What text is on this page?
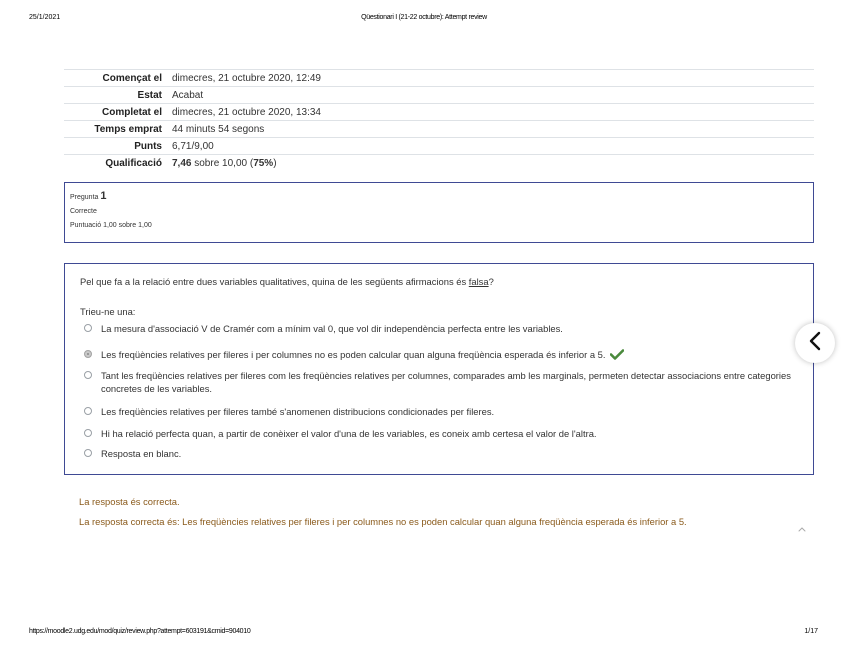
25/1/2021	Qüestionari I (21-22 octubre): Attempt review
Començat el	dimecres, 21 octubre 2020, 12:49
Estat	Acabat
Completat el	dimecres, 21 octubre 2020, 13:34
Temps emprat	44 minuts 54 segons
Punts	6,71/9,00
Qualificació	7,46 sobre 10,00 (75%)
Pregunta 1
Correcte
Puntuació 1,00 sobre 1,00
Pel que fa a la relació entre dues variables qualitatives, quina de les següents afirmacions és falsa?
Trieu-ne una:
La mesura d'associació V de Cramér com a mínim val 0, que vol dir independència perfecta entre les variables.
Les freqüències relatives per fileres i per columnes no es poden calcular quan alguna freqüència esperada és inferior a 5.
Tant les freqüències relatives per fileres com les freqüències relatives per columnes, comparades amb les marginals, permeten detectar associacions entre categories concretes de les variables.
Les freqüències relatives per fileres també s'anomenen distribucions condicionades per fileres.
Hi ha relació perfecta quan, a partir de conèixer el valor d'una de les variables, es coneix amb certesa el valor de l'altra.
Resposta en blanc.
La resposta és correcta.
La resposta correcta és: Les freqüències relatives per fileres i per columnes no es poden calcular quan alguna freqüència esperada és inferior a 5.
https://moodle2.udg.edu/mod/quiz/review.php?attempt=603191&cmid=904010	1/17
